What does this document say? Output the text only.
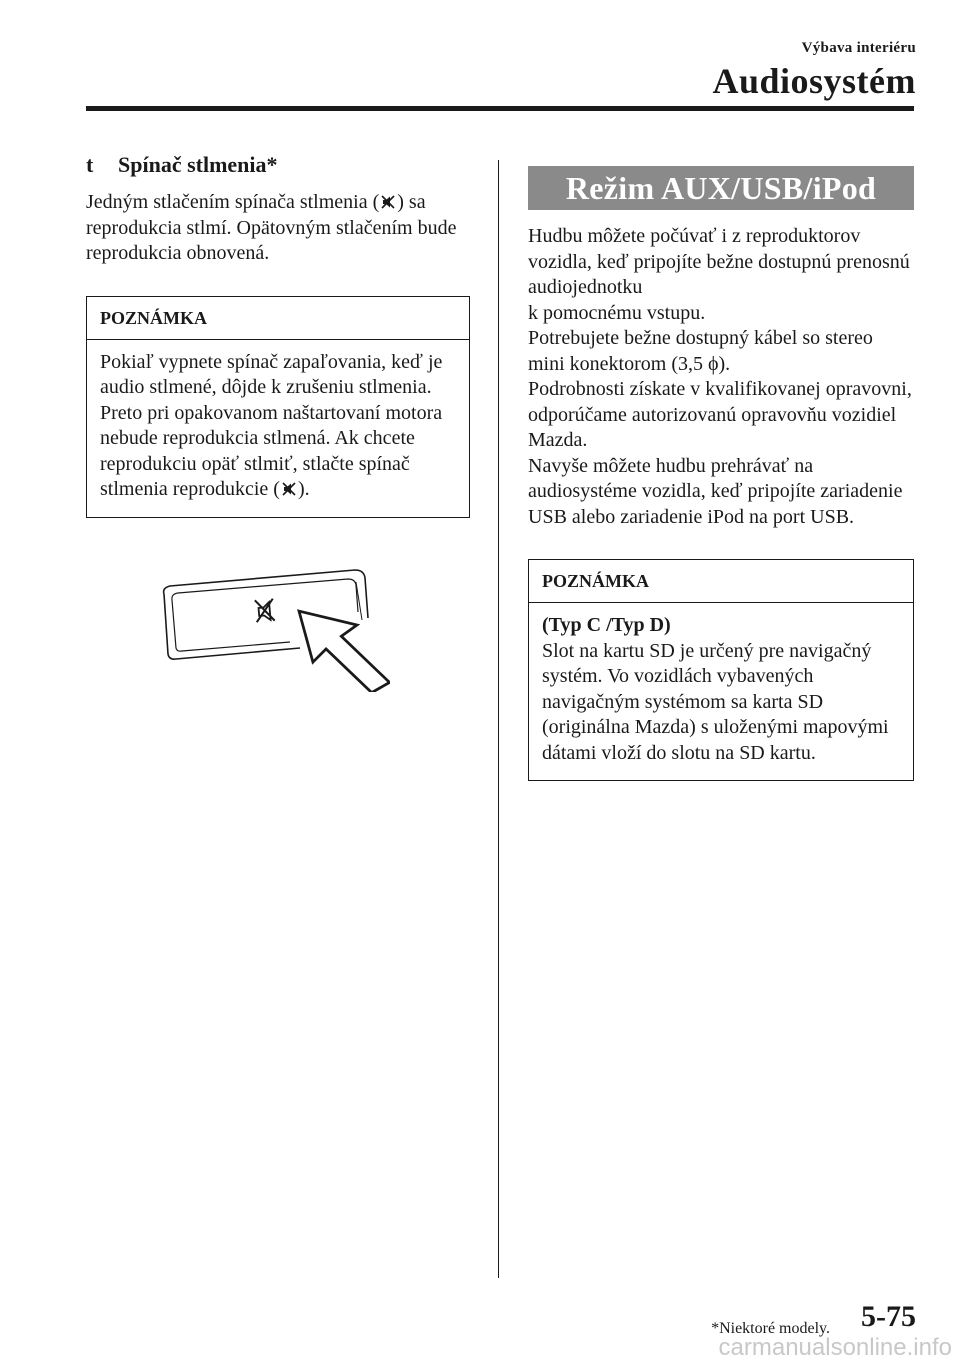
Výbava interiéru
Audiosystém
t Spínač stlmenia*
Jedným stlačením spínača stlmenia ( ) sa reprodukcia stlmí. Opätovným stlačením bude reprodukcia obnovená.
POZNÁMKA
Pokiaľ vypnete spínač zapaľovania, keď je audio stlmené, dôjde k zrušeniu stlmenia. Preto pri opakovanom naštartovaní motora nebude reprodukcia stlmená. Ak chcete reprodukciu opäť stlmiť, stlačte spínač stlmenia reprodukcie ( ).
Režim AUX/USB/iPod

Hudbu môžete počúvať i z reproduktorov vozidla, keď pripojíte bežne dostupnú prenosnú audiojednotku

k pomocnému vstupu.

Potrebujete bežne dostupný kábel so stereo mini konektorom (3,5 ϕ).

Podrobnosti získate v kvalifikovanej opravovni, odporúčame autorizovanú opravovňu vozidiel Mazda.

Navyše môžete hudbu prehrávať na audiosystéme vozidla, keď pripojíte zariadenie USB alebo zariadenie iPod na port USB.

POZNÁMKA
(Typ C /Typ D)
Slot na kartu SD je určený pre navigačný systém. Vo vozidlách vybavených navigačným systémom sa karta SD (originálna Mazda) s uloženými mapovými dátami vloží do slotu na SD kartu.
*Niektoré modely. 5-75
carmanualsonline.info
